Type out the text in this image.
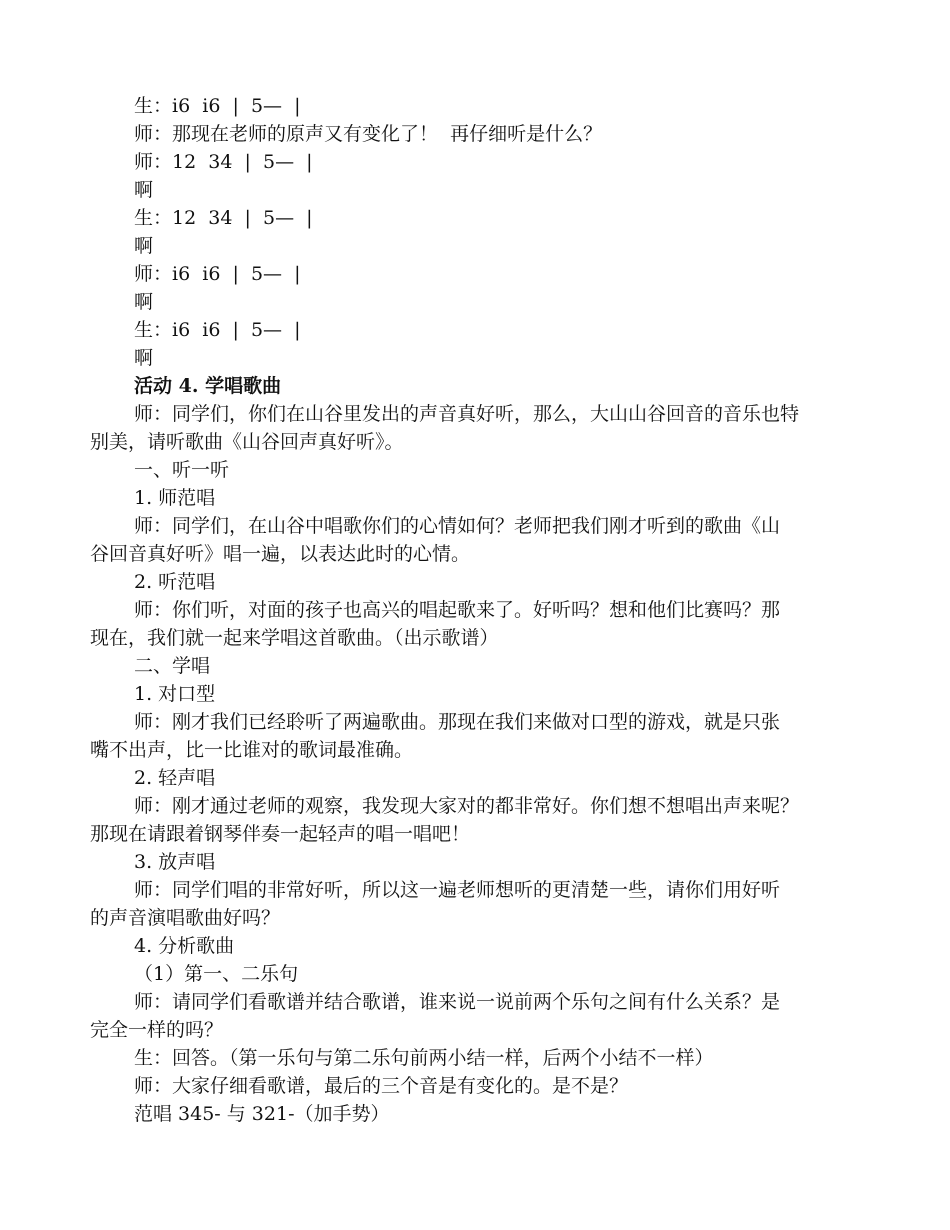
生：i6  i6  |  5—  |
师：那现在老师的原声又有变化了！  再仔细听是什么？
师：12  34  |  5—  |
啊
生：12  34  |  5—  |
啊
师：i6  i6  |  5—  |
啊
生：i6  i6  |  5—  |
啊
活动 4. 学唱歌曲
师：同学们，你们在山谷里发出的声音真好听，那么，大山山谷回音的音乐也特
别美，请听歌曲《山谷回声真好听》。
一、听一听
1. 师范唱
师：同学们，在山谷中唱歌你们的心情如何？老师把我们刚才听到的歌曲《山
谷回音真好听》唱一遍，以表达此时的心情。
2. 听范唱
师：你们听，对面的孩子也高兴的唱起歌来了。好听吗？想和他们比赛吗？那
现在，我们就一起来学唱这首歌曲。（出示歌谱）
二、学唱
1. 对口型
师：刚才我们已经聆听了两遍歌曲。那现在我们来做对口型的游戏，就是只张
嘴不出声，比一比谁对的歌词最准确。
2. 轻声唱
师：刚才通过老师的观察，我发现大家对的都非常好。你们想不想唱出声来呢？
那现在请跟着钢琴伴奏一起轻声的唱一唱吧！
3. 放声唱
师：同学们唱的非常好听，所以这一遍老师想听的更清楚一些，请你们用好听
的声音演唱歌曲好吗？
4. 分析歌曲
（1）第一、二乐句
师：请同学们看歌谱并结合歌谱，谁来说一说前两个乐句之间有什么关系？是
完全一样的吗？
生：回答。（第一乐句与第二乐句前两小结一样，后两个小结不一样）
师：大家仔细看歌谱，最后的三个音是有变化的。是不是？
范唱 345- 与 321-（加手势）
